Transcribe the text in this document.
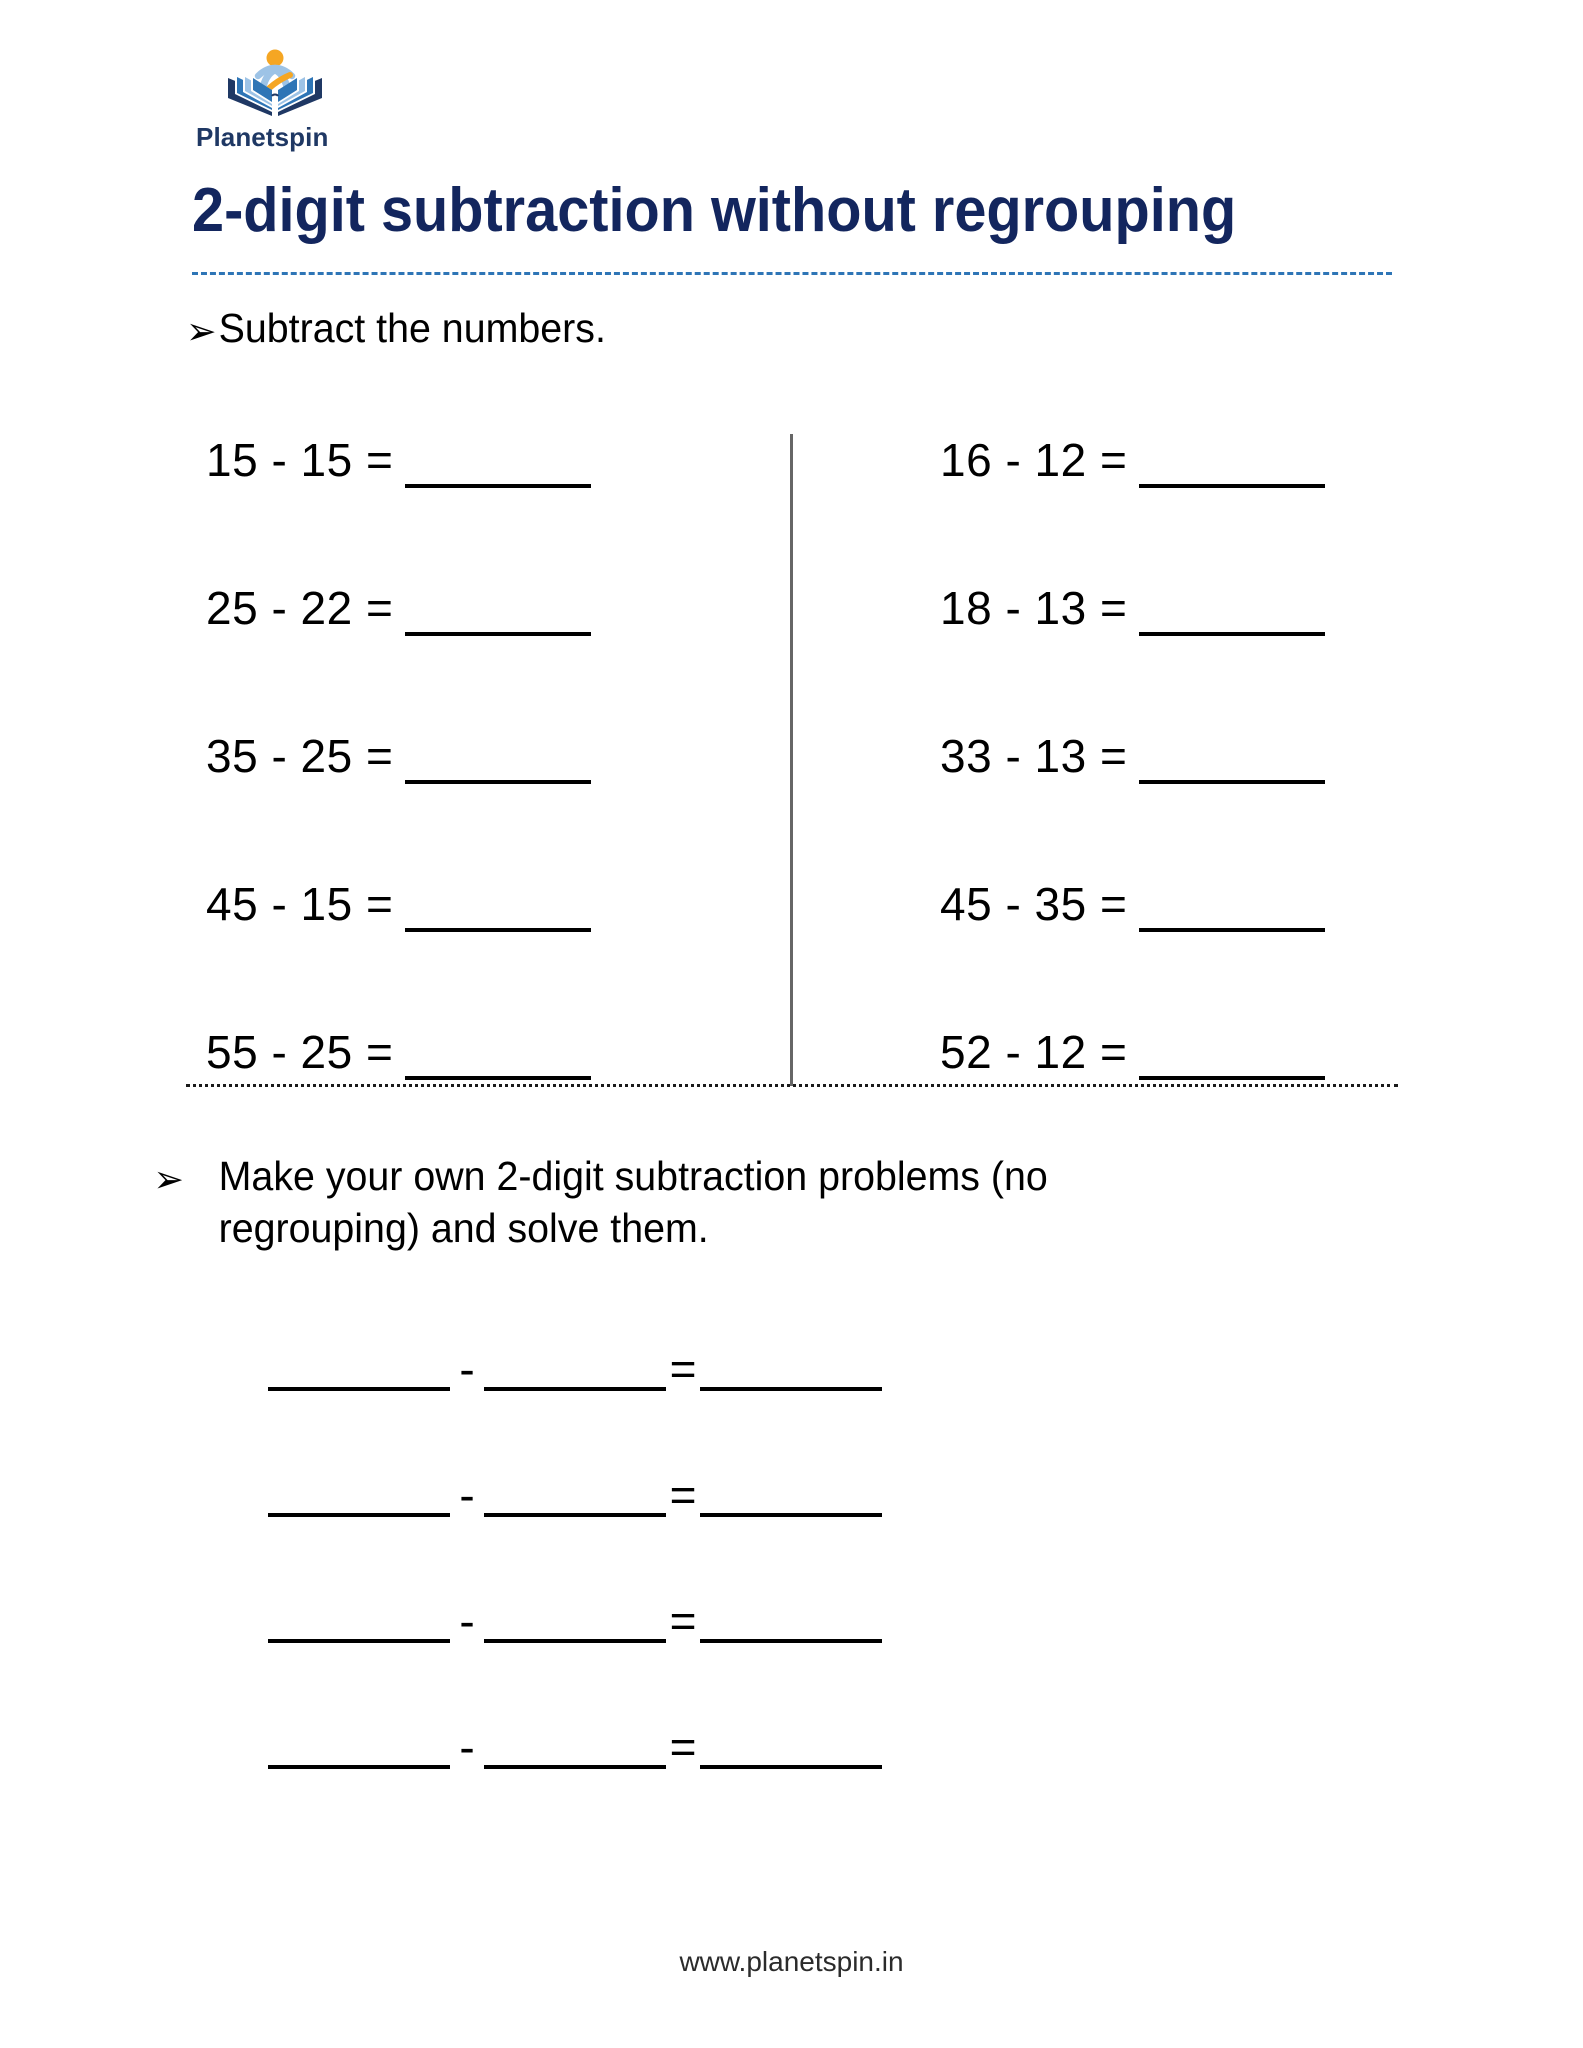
Planetspin
2-digit subtraction without regrouping
➢Subtract the numbers.
15 - 15 =
25 - 22 =
35 - 25 =
45 - 15 =
55 - 25 =
16 - 12 =
18 - 13 =
33 - 13 =
45 - 35 =
52 - 12 =
➢ Make your own 2-digit subtraction problems (no regrouping) and solve them.
-	=
-	=
-	=
-	=
www.planetspin.in
